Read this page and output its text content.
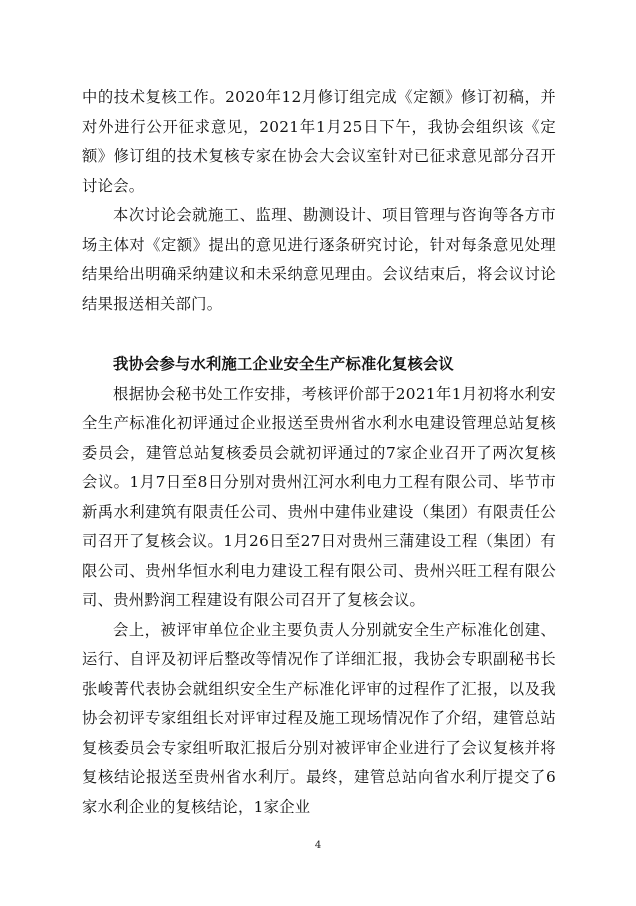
中的技术复核工作。2020年12月修订组完成《定额》修订初稿，并对外进行公开征求意见，2021年1月25日下午，我协会组织该《定额》修订组的技术复核专家在协会大会议室针对已征求意见部分召开讨论会。

本次讨论会就施工、监理、勘测设计、项目管理与咨询等各方市场主体对《定额》提出的意见进行逐条研究讨论，针对每条意见处理结果给出明确采纳建议和未采纳意见理由。会议结束后，将会议讨论结果报送相关部门。

我协会参与水利施工企业安全生产标准化复核会议

根据协会秘书处工作安排，考核评价部于2021年1月初将水利安全生产标准化初评通过企业报送至贵州省水利水电建设管理总站复核委员会，建管总站复核委员会就初评通过的7家企业召开了两次复核会议。1月7日至8日分别对贵州江河水利电力工程有限公司、毕节市新禹水利建筑有限责任公司、贵州中建伟业建设（集团）有限责任公司召开了复核会议。1月26日至27日对贵州三蒲建设工程（集团）有限公司、贵州华恒水利电力建设工程有限公司、贵州兴旺工程有限公司、贵州黔润工程建设有限公司召开了复核会议。

会上，被评审单位企业主要负责人分别就安全生产标准化创建、运行、自评及初评后整改等情况作了详细汇报，我协会专职副秘书长张峻菁代表协会就组织安全生产标准化评审的过程作了汇报，以及我协会初评专家组组长对评审过程及施工现场情况作了介绍，建管总站复核委员会专家组听取汇报后分别对被评审企业进行了会议复核并将复核结论报送至贵州省水利厅。最终，建管总站向省水利厅提交了6家水利企业的复核结论，1家企业

4
